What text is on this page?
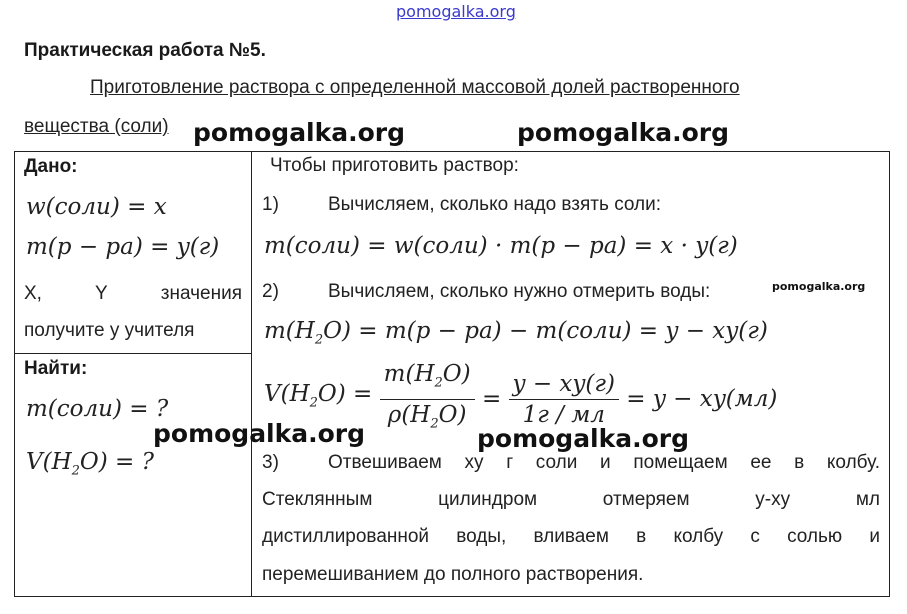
pomogalka.org
Практическая работа №5.
Приготовление раствора с определенной массовой долей растворенного
вещества (соли) pomogalka.org	pomogalka.org
Дано:
w(соли) = x
m(p − pa) = y(г)
X, Y значения
получите у учителя
Найти:
m(соли) = ?
$V(H_2O)$ = ?
Чтобы приготовить раствор:
1)	Вычисляем, сколько надо взять соли:
m(соли) = w(соли) · m(p − pa) = x · y(г)
2)	Вычисляем, сколько нужно отмерить воды:	pomogalka.org
$m(H_2O) = m(p - pa)$ − m(соли) = y − xy(г)
$V(H_2O) = \frac{m(H_2O)}{\rho(H_2O)} = \frac{y - xy(г)}{1г / мл} = y - xy(мл)$
pomogalka.org	pomogalka.org
3)	Отвешиваем ху г соли и помещаем ее в колбу.
Стеклянным цилиндром отмеряем у-ху мл
дистиллированной воды, вливаем в колбу с солью и
перемешиванием до полного растворения.
